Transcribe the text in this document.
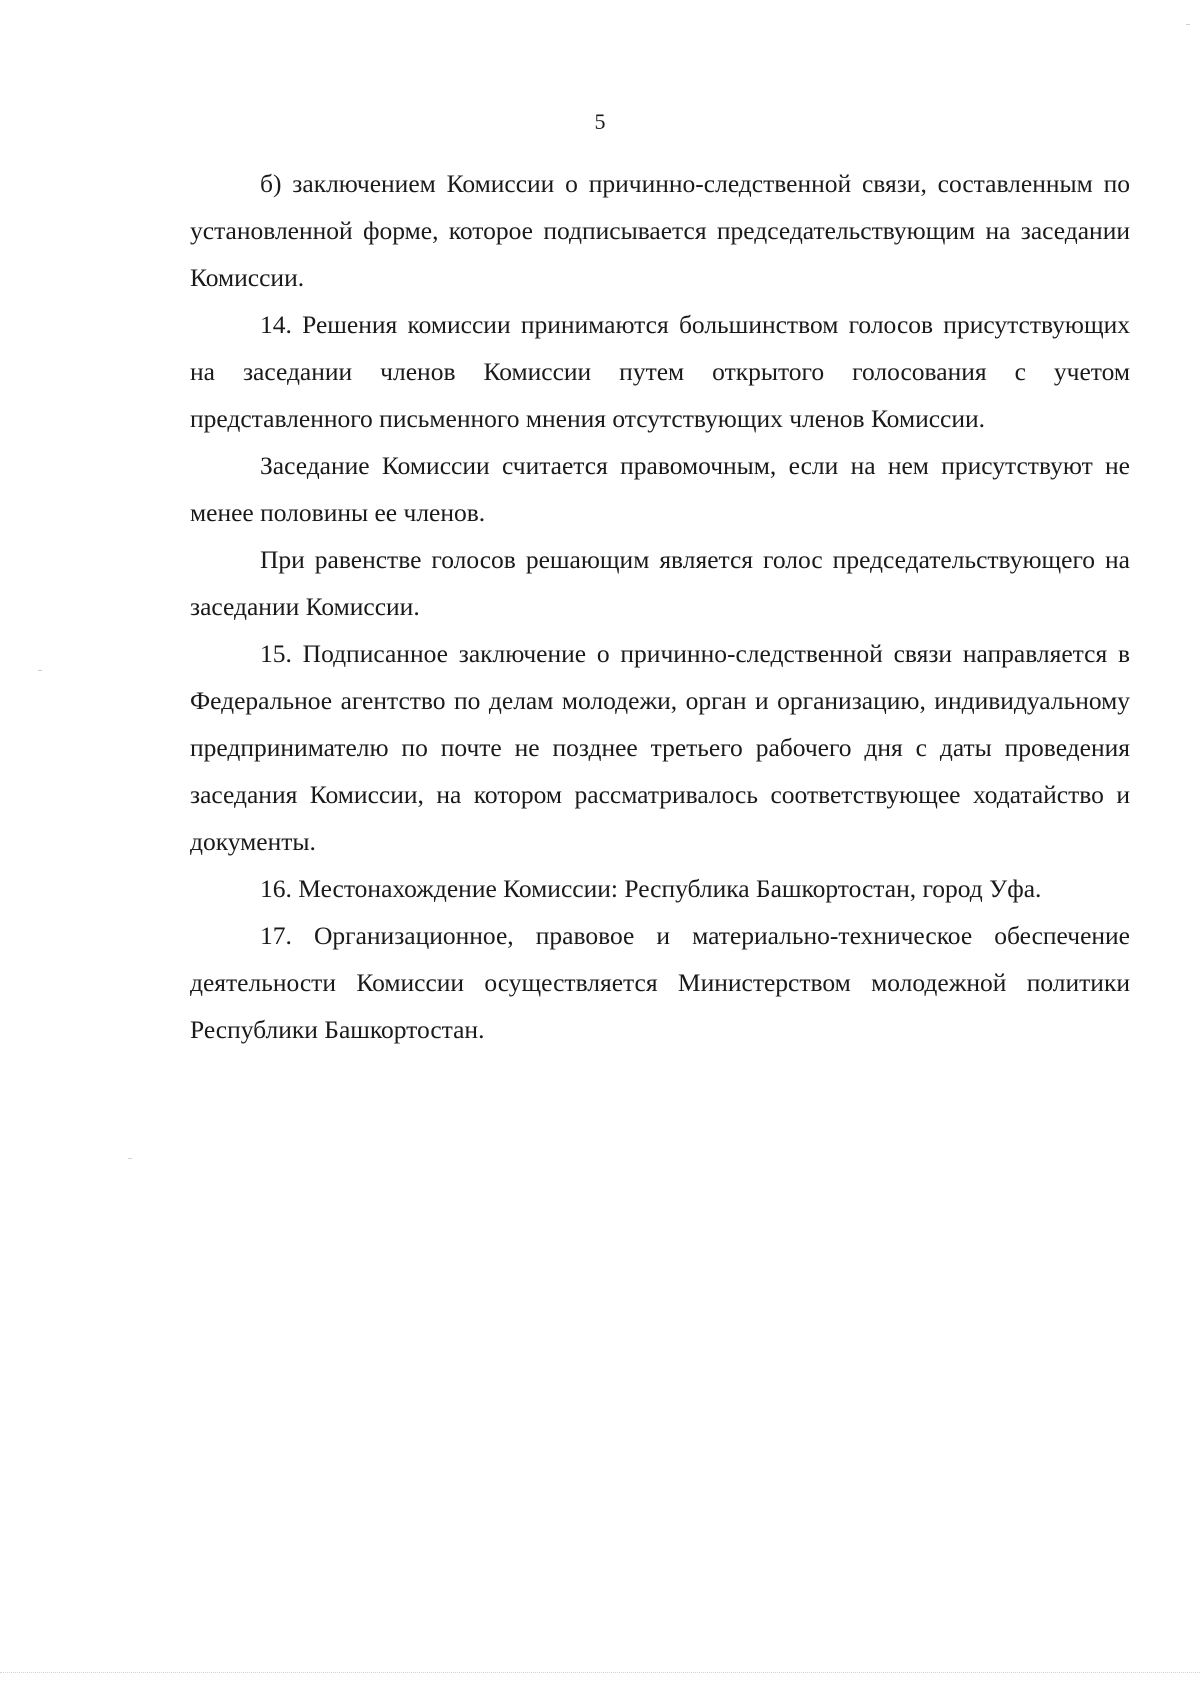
5

б) заключением Комиссии о причинно-следственной связи, составленным по установленной форме, которое подписывается председательствующим на заседании Комиссии.

14. Решения комиссии принимаются большинством голосов присутствующих на заседании членов Комиссии путем открытого голосования с учетом представленного письменного мнения отсутствующих членов Комиссии.

Заседание Комиссии считается правомочным, если на нем присутствуют не менее половины ее членов.

При равенстве голосов решающим является голос председательствующего на заседании Комиссии.

15. Подписанное заключение о причинно-следственной связи направляется в Федеральное агентство по делам молодежи, орган и организацию, индивидуальному предпринимателю по почте не позднее третьего рабочего дня с даты проведения заседания Комиссии, на котором рассматривалось соответствующее ходатайство и документы.

16. Местонахождение Комиссии: Республика Башкортостан, город Уфа.

17. Организационное, правовое и материально-техническое обеспечение деятельности Комиссии осуществляется Министерством молодежной политики Республики Башкортостан.
